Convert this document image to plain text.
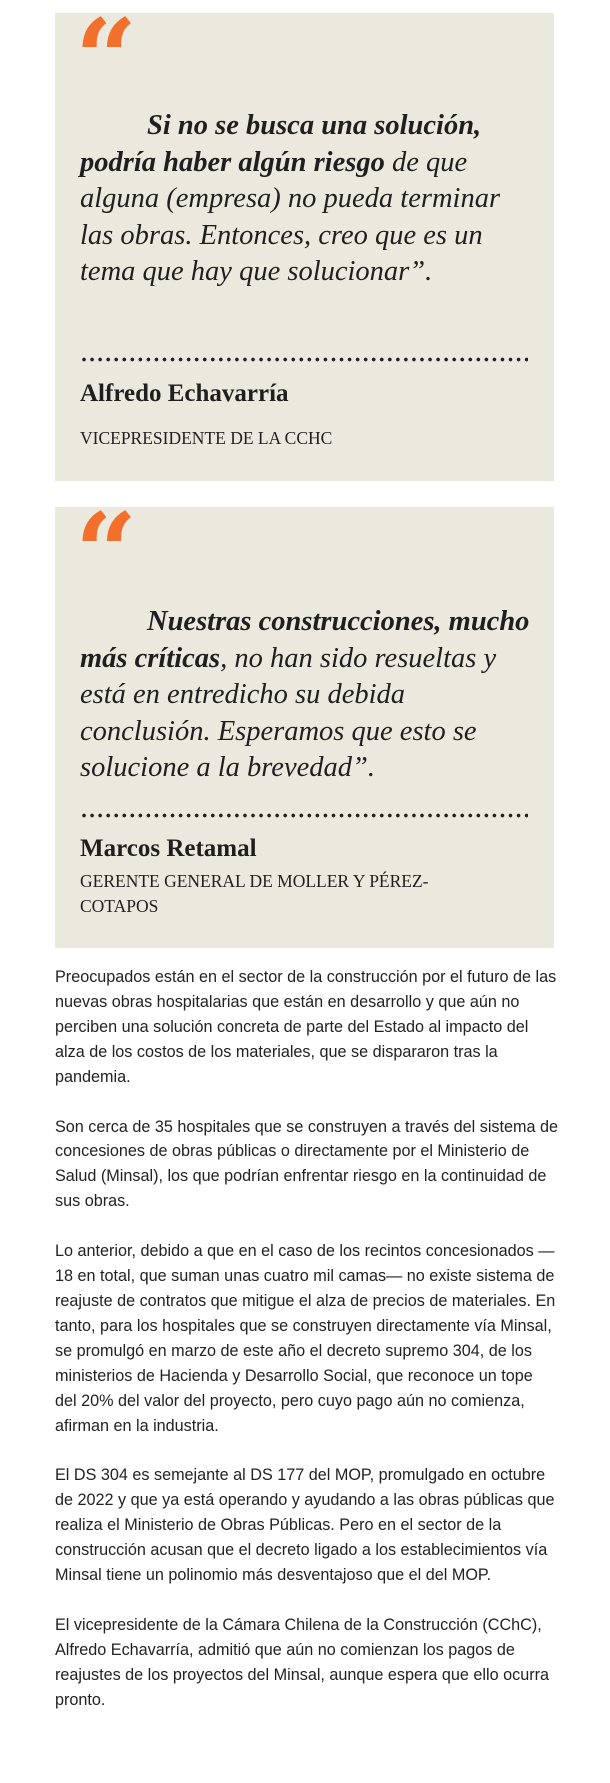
“

Si no se busca una solución, podría haber algún riesgo de que alguna (empresa) no pueda terminar las obras. Entonces, creo que es un tema que hay que solucionar”.

Alfredo Echavarría

VICEPRESIDENTE DE LA CCHC

“

Nuestras construcciones, mucho más críticas, no han sido resueltas y está en entredicho su debida conclusión. Esperamos que esto se solucione a la brevedad”.

Marcos Retamal

GERENTE GENERAL DE MOLLER Y PÉREZ-COTAPOS

Preocupados están en el sector de la construcción por el futuro de las nuevas obras hospitalarias que están en desarrollo y que aún no perciben una solución concreta de parte del Estado al impacto del alza de los costos de los materiales, que se dispararon tras la pandemia.

Son cerca de 35 hospitales que se construyen a través del sistema de concesiones de obras públicas o directamente por el Ministerio de Salud (Minsal), los que podrían enfrentar riesgo en la continuidad de sus obras.

Lo anterior, debido a que en el caso de los recintos concesionados —18 en total, que suman unas cuatro mil camas— no existe sistema de reajuste de contratos que mitigue el alza de precios de materiales. En tanto, para los hospitales que se construyen directamente vía Minsal, se promulgó en marzo de este año el decreto supremo 304, de los ministerios de Hacienda y Desarrollo Social, que reconoce un tope del 20% del valor del proyecto, pero cuyo pago aún no comienza, afirman en la industria.

El DS 304 es semejante al DS 177 del MOP, promulgado en octubre de 2022 y que ya está operando y ayudando a las obras públicas que realiza el Ministerio de Obras Públicas. Pero en el sector de la construcción acusan que el decreto ligado a los establecimientos vía Minsal tiene un polinomio más desventajoso que el del MOP.

El vicepresidente de la Cámara Chilena de la Construcción (CChC), Alfredo Echavarría, admitió que aún no comienzan los pagos de reajustes de los proyectos del Minsal, aunque espera que ello ocurra pronto.
